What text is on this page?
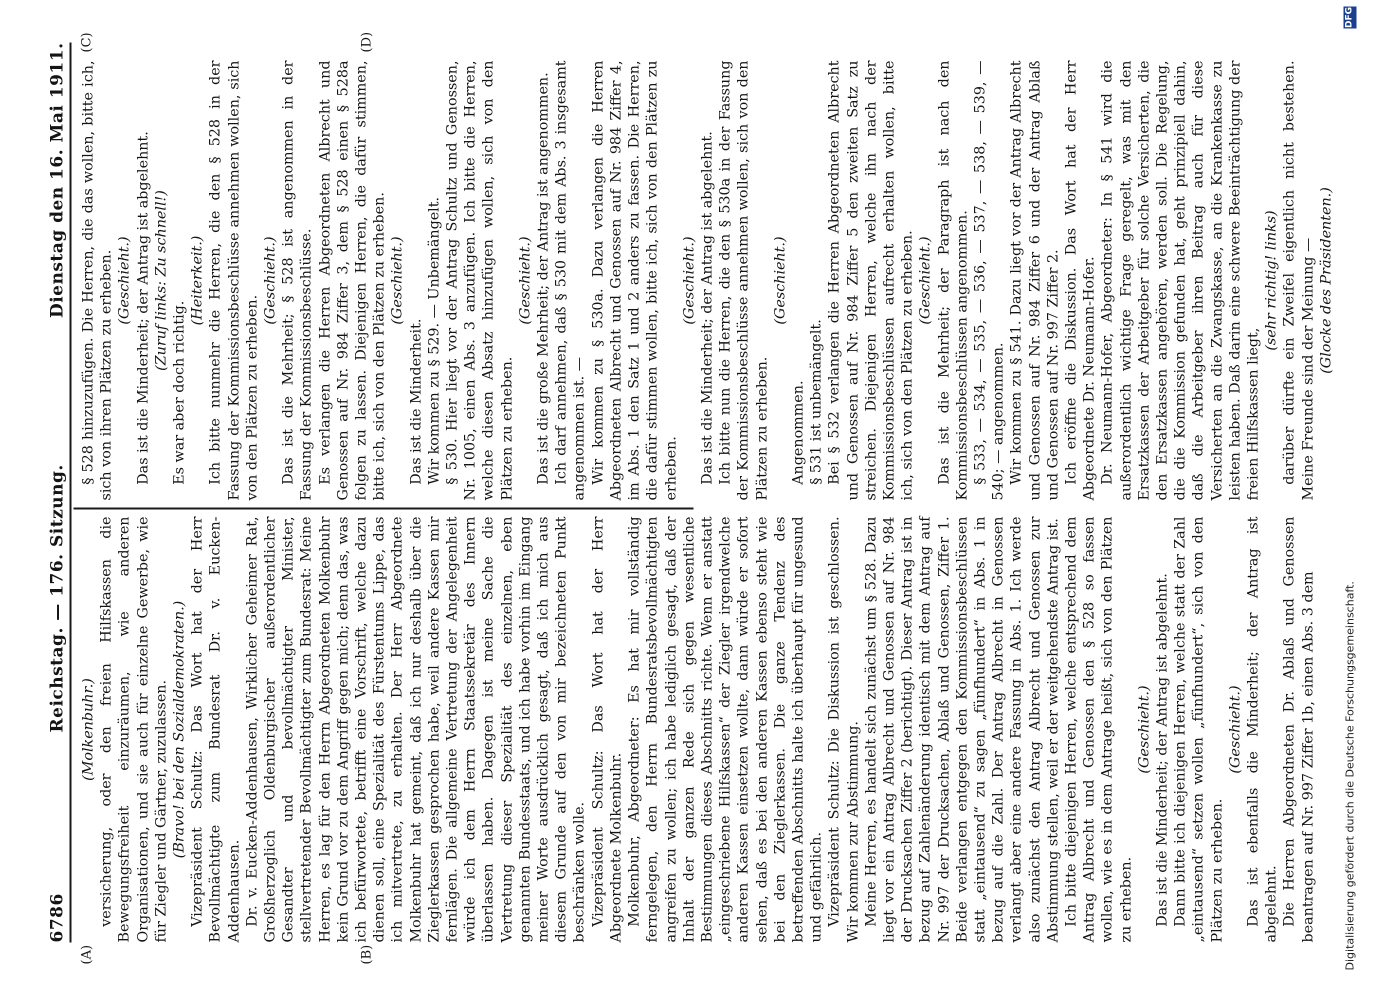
6786
Reichstag. — 176. Sitzung.
Dienstag den 16. Mai 1911.
(A)	(B)
(C)	(D)

(Molkenbuhr.) versicherung, oder den freien Hilfskassen die Bewegungsfreiheit einzuräumen, wie anderen Organisationen, und sie auch für einzelne Gewerbe, wie für Ziegler und Gärtner, zuzulassen. (Bravo! bei den Sozialdemokraten.) Vizepräsident Schultz: Das Wort hat der Herr Bevollmächtigte zum Bundesrat Dr. v. Eucken-Addenhausen. Dr. v. Eucken-Addenhausen, Wirklicher Geheimer Rat, Großherzoglich Oldenburgischer außerordentlicher Gesandter und bevollmächtigter Minister, stellvertretender Bevollmächtigter zum Bundesrat: Meine Herren, es lag für den Herrn Abgeordneten Molkenbuhr kein Grund vor zu dem Angriff gegen mich; denn das, was ich befürwortete, betrifft eine Vorschrift, welche dazu dienen soll, eine Spezialität des Fürstentums Lippe, das ich mitvertrete, zu erhalten. Der Herr Abgeordnete Molkenbuhr hat gemeint, daß ich nur deshalb über die Zieglerkassen gesprochen habe, weil andere Kassen mir fernlägen. Die allgemeine Vertretung der Angelegenheit würde ich dem Herrn Staatssekretär des Innern überlassen haben. Dagegen ist meine Sache die Vertretung dieser Spezialität des einzelnen, eben genannten Bundesstaats, und ich habe vorhin im Eingang meiner Worte ausdrücklich gesagt, daß ich mich aus diesem Grunde auf den von mir bezeichneten Punkt beschränken wolle. Vizepräsident Schultz: Das Wort hat der Herr Abgeordnete Molkenbuhr. Molkenbuhr, Abgeordneter: Es hat mir vollständig ferngelegen, den Herrn Bundesratsbevollmächtigten angreifen zu wollen; ich habe lediglich gesagt, daß der Inhalt der ganzen Rede sich gegen wesentliche Bestimmungen dieses Abschnitts richte. Wenn er anstatt „eingeschriebene Hilfskassen“ der Ziegler irgendwelche anderen Kassen einsetzen wollte, dann würde er sofort sehen, daß es bei den anderen Kassen ebenso steht wie bei den Zieglerkassen. Die ganze Tendenz des betreffenden Abschnitts halte ich überhaupt für ungesund und gefährlich. Vizepräsident Schultz: Die Diskussion ist geschlossen. Wir kommen zur Abstimmung. Meine Herren, es handelt sich zunächst um § 528. Dazu liegt vor ein Antrag Albrecht und Genossen auf Nr. 984 der Drucksachen Ziffer 2 (berichtigt). Dieser Antrag ist in bezug auf Zahlenänderung identisch mit dem Antrag auf Nr. 997 der Drucksachen, Ablaß und Genossen, Ziffer 1. Beide verlangen entgegen den Kommissionsbeschlüssen statt „eintausend“ zu sagen „fünfhundert“ in Abs. 1 in bezug auf die Zahl. Der Antrag Albrecht in Genossen verlangt aber eine andere Fassung in Abs. 1. Ich werde also zunächst den Antrag Albrecht und Genossen zur Abstimmung stellen, weil er der weitgehendste Antrag ist. Ich bitte diejenigen Herren, welche entsprechend dem Antrag Albrecht und Genossen den § 528 so fassen wollen, wie es in dem Antrage heißt, sich von den Plätzen zu erheben.

(Geschieht.) Das ist die Minderheit; der Antrag ist abgelehnt. Dann bitte ich diejenigen Herren, welche statt der Zahl „eintausend“ setzen wollen „fünfhundert“, sich von den Plätzen zu erheben.

(Geschieht.) Das ist ebenfalls die Minderheit; der Antrag ist abgelehnt. Die Herren Abgeordneten Dr. Ablaß und Genossen beantragen auf Nr. 997 Ziffer 1b, einen Abs. 3 dem

§ 528 hinzuzufügen. Die Herren, die das wollen, bitte ich, sich von ihren Plätzen zu erheben. (Geschieht.) Das ist die Minderheit; der Antrag ist abgelehnt. (Zuruf links: Zu schnell!)

Es war aber doch richtig.

(Heiterkeit.) Ich bitte nunmehr die Herren, die den § 528 in der Fassung der Kommissionsbeschlüsse annehmen wollen, sich von den Plätzen zu erheben.

(Geschieht.) Das ist die Mehrheit; § 528 ist angenommen in der Fassung der Kommissionsbeschlüsse. Es verlangen die Herren Abgeordneten Albrecht und Genossen auf Nr. 984 Ziffer 3, dem § 528 einen § 528a folgen zu lassen. Diejenigen Herren, die dafür stimmen, bitte ich, sich von den Plätzen zu erheben. (Geschieht.)

Das ist die Minderheit. Wir kommen zu § 529. — Unbemängelt. § 530. Hier liegt vor der Antrag Schultz und Genossen, Nr. 1005, einen Abs. 3 anzufügen. Ich bitte die Herren, welche diesen Absatz hinzufügen wollen, sich von den Plätzen zu erheben.

(Geschieht.) Das ist die große Mehrheit; der Antrag ist angenommen. Ich darf annehmen, daß § 530 mit dem Abs. 3 insgesamt angenommen ist. — Wir kommen zu § 530a. Dazu verlangen die Herren Abgeordneten Albrecht und Genossen auf Nr. 984 Ziffer 4, im Abs. 1 den Satz 1 und 2 anders zu fassen. Die Herren, die dafür stimmen wollen, bitte ich, sich von den Plätzen zu erheben.

(Geschieht.) Das ist die Minderheit; der Antrag ist abgelehnt. Ich bitte nun die Herren, die den § 530a in der Fassung der Kommissionsbeschlüsse annehmen wollen, sich von den Plätzen zu erheben.

(Geschieht.)

Angenommen. § 531 ist unbemängelt. Bei § 532 verlangen die Herren Abgeordneten Albrecht und Genossen auf Nr. 984 Ziffer 5 den zweiten Satz zu streichen. Diejenigen Herren, welche ihn nach der Kommissionsbeschlüssen aufrecht erhalten wollen, bitte ich, sich von den Plätzen zu erheben. (Geschieht.) Das ist die Mehrheit; der Paragraph ist nach den Kommissionsbeschlüssen angenommen. § 533, — 534, — 535, — 536, — 537, — 538, — 539, — 540; — angenommen. Wir kommen zu § 541. Dazu liegt vor der Antrag Albrecht und Genossen auf Nr. 984 Ziffer 6 und der Antrag Ablaß und Genossen auf Nr. 997 Ziffer 2. Ich eröffne die Diskussion. Das Wort hat der Herr Abgeordnete Dr. Neumann-Hofer. Dr. Neumann-Hofer, Abgeordneter: In § 541 wird die außerordentlich wichtige Frage geregelt, was mit den Ersatzkassen der Arbeitgeber für solche Versicherten, die den Ersatzkassen angehören, werden soll. Die Regelung, die die Kommission gefunden hat, geht prinzipiell dahin, daß die Arbeitgeber ihren Beitrag auch für diese Versicherten an die Zwangskasse, an die Krankenkasse zu leisten haben. Daß darin eine schwere Beeinträchtigung der freien Hilfskassen liegt,

(sehr richtig! links) darüber dürfte ein Zweifel eigentlich nicht bestehen. Meine Freunde sind der Meinung — (Glocke des Präsidenten.)

Digitalisierung gefördert durch die Deutsche Forschungsgemeinschaft.
DFG
